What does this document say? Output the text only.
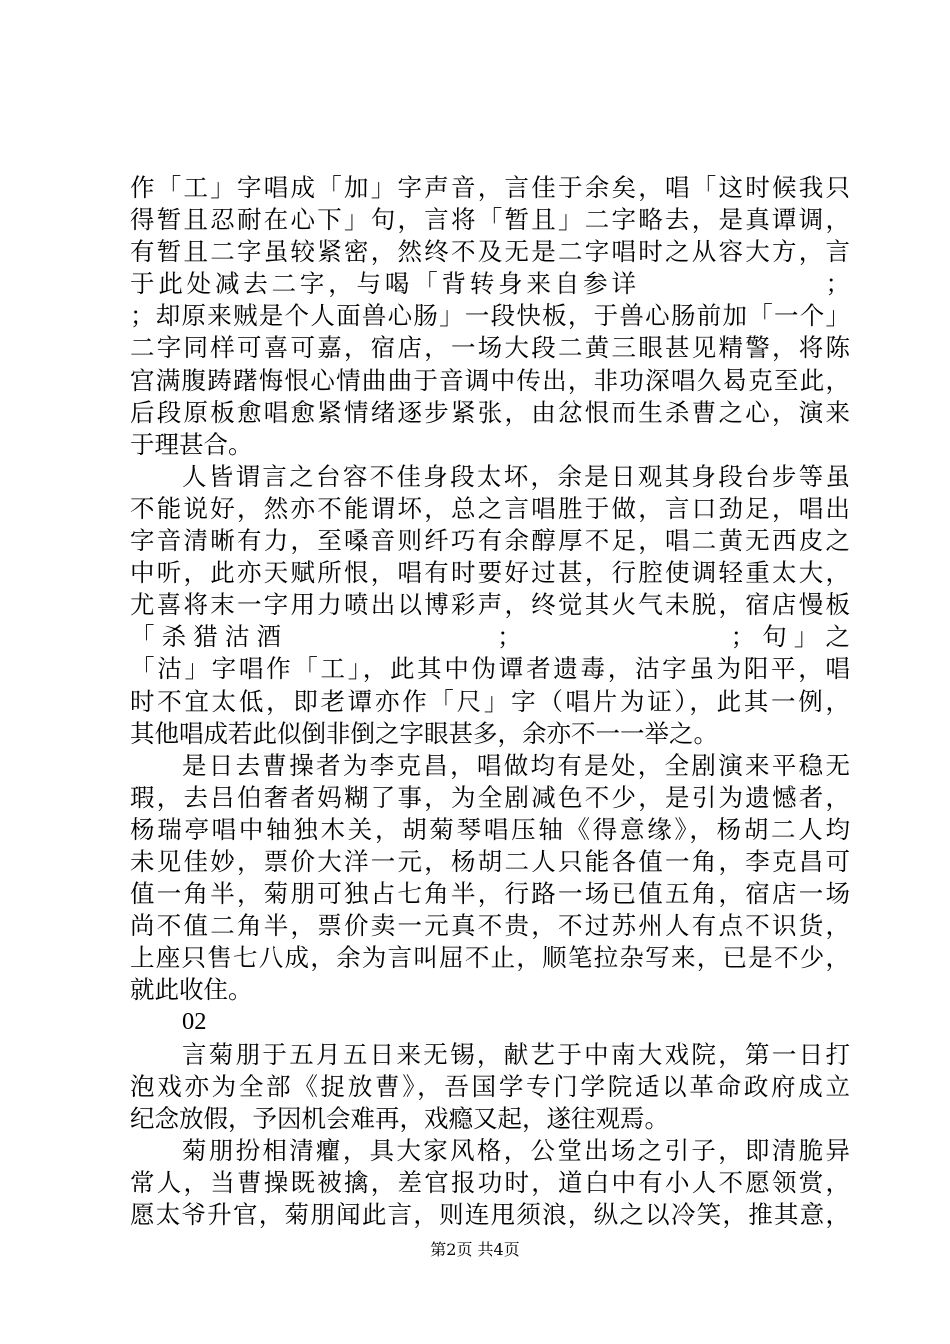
作「工」字唱成「加」字声音，言佳于余矣，唱「这时候我只
得暂且忍耐在心下」句，言将「暂且」二字略去，是真谭调，
有暂且二字虽较紧密，然终不及无是二字唱时之从容大方，言
于此处减去二字，与喝「背转身来自参详                ；
；却原来贼是个人面兽心肠」一段快板，于兽心肠前加「一个」
二字同样可喜可嘉，宿店，一场大段二黄三眼甚见精警，将陈
宫满腹踌躇悔恨心情曲曲于音调中传出，非功深唱久曷克至此，
后段原板愈唱愈紧情绪逐步紧张，由忿恨而生杀曹之心，演来
于理甚合。
人皆谓言之台容不佳身段太坏，余是日观其身段台步等虽
不能说好，然亦不能谓坏，总之言唱胜于做，言口劲足，唱出
字音清晰有力，至嗓音则纤巧有余醇厚不足，唱二黄无西皮之
中听，此亦天赋所恨，唱有时要好过甚，行腔使调轻重太大，
尤喜将末一字用力喷出以博彩声，终觉其火气未脱，宿店慢板
「杀猎沽酒              ；              ；句」之
「沽」字唱作「工」，此其中伪谭者遗毒，沽字虽为阳平，唱
时不宜太低，即老谭亦作「尺」字（唱片为证），此其一例，
其他唱成若此似倒非倒之字眼甚多，余亦不一一举之。
是日去曹操者为李克昌，唱做均有是处，全剧演来平稳无
瑕，去吕伯奢者妈糊了事，为全剧减色不少，是引为遗憾者，
杨瑞亭唱中轴独木关，胡菊琴唱压轴《得意缘》，杨胡二人均
未见佳妙，票价大洋一元，杨胡二人只能各值一角，李克昌可
值一角半，菊朋可独占七角半，行路一场已值五角，宿店一场
尚不值二角半，票价卖一元真不贵，不过苏州人有点不识货，
上座只售七八成，余为言叫屈不止，顺笔拉杂写来，已是不少，
就此收住。
02
言菊朋于五月五日来无锡，献艺于中南大戏院，第一日打
泡戏亦为全部《捉放曹》，吾国学专门学院适以革命政府成立
纪念放假，予因机会难再，戏瘾又起，遂往观焉。
菊朋扮相清癯，具大家风格，公堂出场之引子，即清脆异
常人，当曹操既被擒，差官报功时，道白中有小人不愿领赏，
愿太爷升官，菊朋闻此言，则连甩须浪，纵之以冷笑，推其意，
第2页 共4页
